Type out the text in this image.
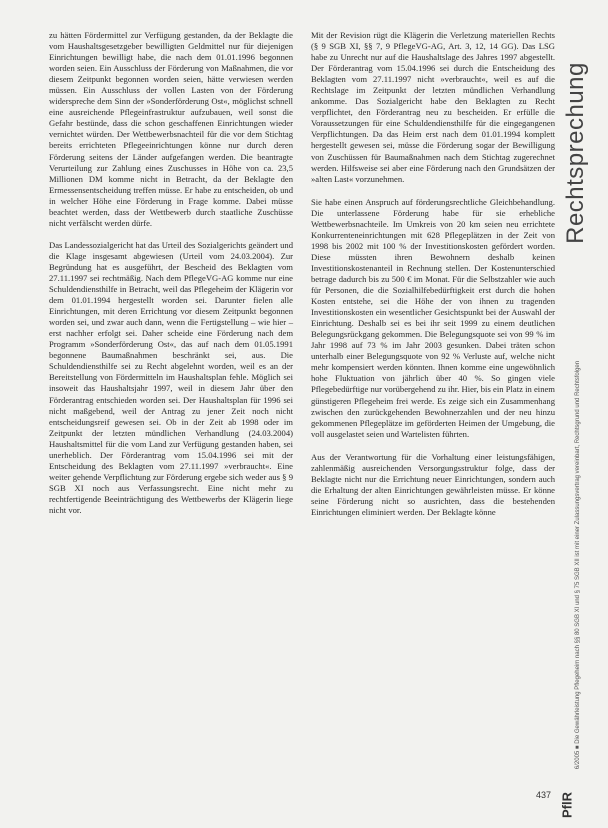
zu hätten Fördermittel zur Verfügung gestanden, da der Beklagte die vom Haushaltsgesetzgeber bewilligten Geldmittel nur für diejenigen Einrichtungen bewilligt habe, die nach dem 01.01.1996 begonnen worden seien. Ein Ausschluss der Förderung von Maßnahmen, die vor diesem Zeitpunkt begonnen worden seien, hätte verwiesen werden müssen. Ein Ausschluss der vollen Lasten von der Förderung widerspreche dem Sinn der »Sonderförderung Ost«, möglichst schnell eine ausreichende Pflegeinfrastruktur aufzubauen, weil sonst die Gefahr bestünde, dass die schon geschaffenen Einrichtungen wieder vernichtet würden. Der Wettbewerbsnachteil für die vor dem Stichtag bereits errichteten Pflegeeinrichtungen könne nur durch deren Förderung seitens der Länder aufgefangen werden. Die beantragte Verurteilung zur Zahlung eines Zuschusses in Höhe von ca. 23,5 Millionen DM komme nicht in Betracht, da der Beklagte den Ermessensentscheidung treffen müsse. Er habe zu entscheiden, ob und in welcher Höhe eine Förderung in Frage komme. Dabei müsse beachtet werden, dass der Wettbewerb durch staatliche Zuschüsse nicht verfälscht werden dürfe.

Das Landessozialgericht hat das Urteil des Sozialgerichts geändert und die Klage insgesamt abgewiesen (Urteil vom 24.03.2004). Zur Begründung hat es ausgeführt, der Bescheid des Beklagten vom 27.11.1997 sei rechtmäßig. Nach dem PflegeVG-AG komme nur eine Schuldendiensthilfe in Betracht, weil das Pflegeheim der Klägerin vor dem 01.01.1994 hergestellt worden sei. Darunter fielen alle Einrichtungen, mit deren Errichtung vor diesem Zeitpunkt begonnen worden sei, und zwar auch dann, wenn die Fertigstellung – wie hier – erst nachher erfolgt sei. Daher scheide eine Förderung nach dem Programm »Sonderförderung Ost«, das auf nach dem 01.05.1991 begonnene Baumaßnahmen beschränkt sei, aus. Die Schuldendiensthilfe sei zu Recht abgelehnt worden, weil es an der Bereitstellung von Fördermitteln im Haushaltsplan fehle. Möglich sei insoweit das Haushaltsjahr 1997, weil in diesem Jahr über den Förderantrag entschieden worden sei. Der Haushaltsplan für 1996 sei nicht maßgebend, weil der Antrag zu jener Zeit noch nicht entscheidungsreif gewesen sei. Ob in der Zeit ab 1998 oder im Zeitpunkt der letzten mündlichen Verhandlung (24.03.2004) Haushaltsmittel für die vom Land zur Verfügung gestanden haben, sei unerheblich. Der Förderantrag vom 15.04.1996 sei mit der Entscheidung des Beklagten vom 27.11.1997 »verbraucht«. Eine weiter gehende Verpflichtung zur Förderung ergebe sich weder aus § 9 SGB XI noch aus Verfassungsrecht. Eine nicht mehr zu rechtfertigende Beeinträchtigung des Wettbewerbs der Klägerin liege nicht vor.

Mit der Revision rügt die Klägerin die Verletzung materiellen Rechts (§ 9 SGB XI, §§ 7, 9 PflegeVG-AG, Art. 3, 12, 14 GG). Das LSG habe zu Unrecht nur auf die Haushaltslage des Jahres 1997 abgestellt. Der Förderantrag vom 15.04.1996 sei durch die Entscheidung des Beklagten vom 27.11.1997 nicht »verbraucht«, weil es auf die Rechtslage im Zeitpunkt der letzten mündlichen Verhandlung ankomme. Das Sozialgericht habe den Beklagten zu Recht verpflichtet, den Förderantrag neu zu bescheiden. Er erfülle die Voraussetzungen für eine Schuldendiensthilfe für die eingegangenen Verpflichtungen. Da das Heim erst nach dem 01.01.1994 komplett hergestellt gewesen sei, müsse die Förderung sogar der Bewilligung von Zuschüssen für Baumaßnahmen nach dem Stichtag zugerechnet werden. Hilfsweise sei aber eine Förderung nach den Grundsätzen der »alten Last« vorzunehmen.

Sie habe einen Anspruch auf förderungsrechtliche Gleichbehandlung. Die unterlassene Förderung habe für sie erhebliche Wettbewerbsnachteile. Im Umkreis von 20 km seien neu errichtete Konkurrenteneinrichtungen mit 628 Pflegeplätzen in der Zeit von 1998 bis 2002 mit 100 % der Investitionskosten gefördert worden. Diese müssten ihren Bewohnern deshalb keinen Investitionskostenanteil in Rechnung stellen. Der Kostenunterschied betrage dadurch bis zu 500 € im Monat. Für die Selbstzahler wie auch für Personen, die die Sozialhilfebedürftigkeit erst durch die hohen Kosten entstehe, sei die Höhe der von ihnen zu tragenden Investitionskosten ein wesentlicher Gesichtspunkt bei der Auswahl der Einrichtung. Deshalb sei es bei ihr seit 1999 zu einem deutlichen Belegungsrückgang gekommen. Die Belegungsquote sei von 99 % im Jahr 1998 auf 73 % im Jahr 2003 gesunken. Dabei träten schon unterhalb einer Belegungsquote von 92 % Verluste auf, welche nicht mehr kompensiert werden könnten. Ihnen komme eine ungewöhnlich hohe Fluktuation von jährlich über 40 %. So gingen viele Pflegebedürftige nur vorübergehend zu ihr. Hier, bis ein Platz in einem günstigeren Pflegeheim frei werde. Es zeige sich ein Zusammenhang zwischen den zurückgehenden Bewohnerzahlen und der neu hinzu gekommenen Pflegeplätze im geförderten Heimen der Umgebung, die voll ausgelastet seien und Wartelisten führten.

Aus der Verantwortung für die Vorhaltung einer leistungsfähigen, zahlenmäßig ausreichenden Versorgungsstruktur folge, dass der Beklagte nicht nur die Errichtung neuer Einrichtungen, sondern auch die Erhaltung der alten Einrichtungen gewährleisten müsse. Er könne seine Förderung nicht so ausrichten, dass die bestehenden Einrichtungen eliminiert werden. Der Beklagte könne

Rechtsprechung
6/2005 ■ Die Gewährleistung Pflegeheim nach §§ 80 SGB XI und § 75 SGB XII ist mit einer Zulassungsvertrag vereinbart, Rechtsgrund und Rechtsfolgen
PflR
437
